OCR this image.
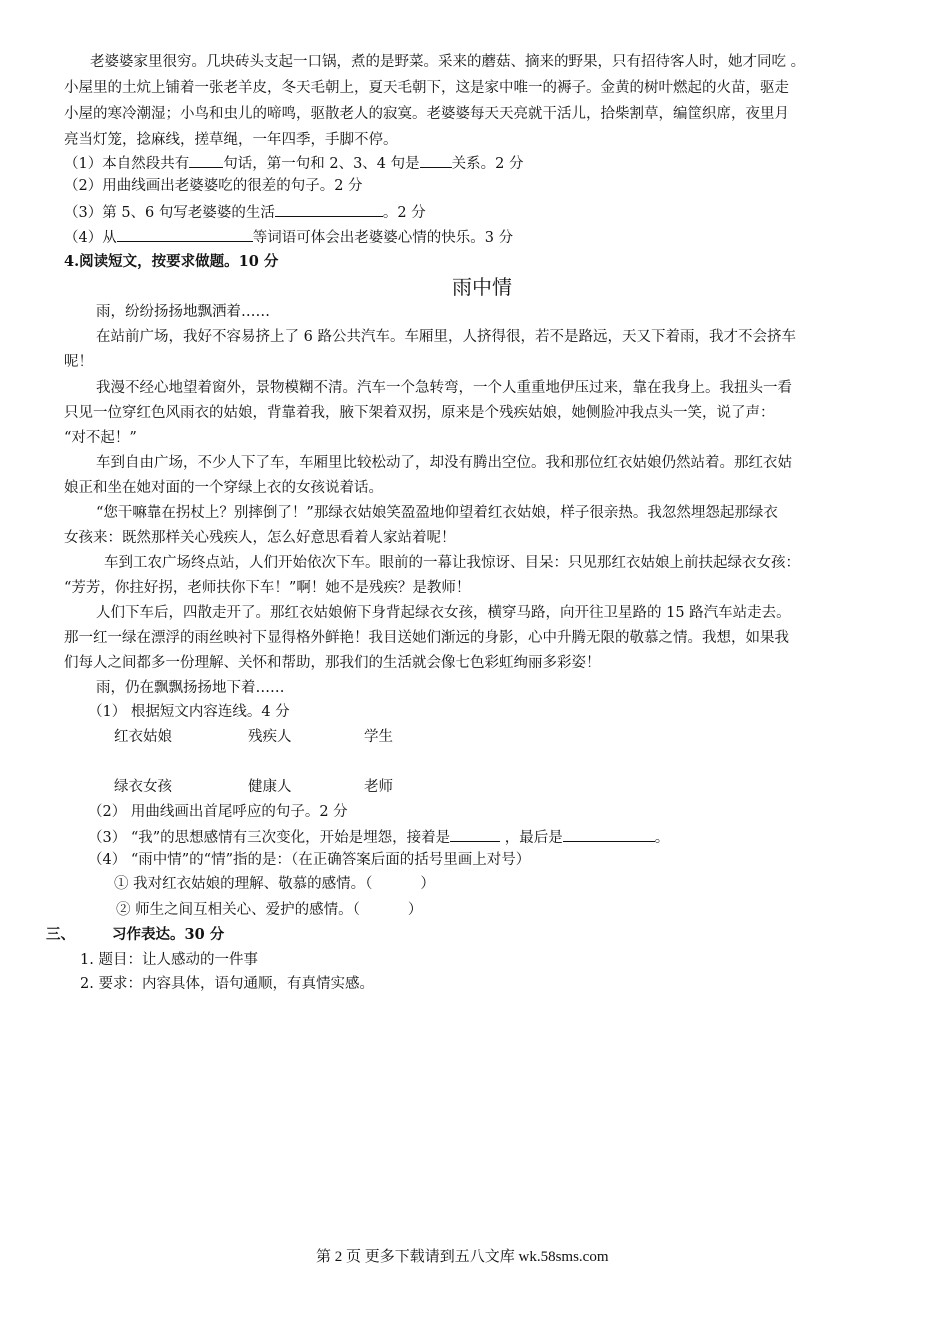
老婆婆家里很穷。几块砖头支起一口锅，煮的是野菜。采来的蘑菇、摘来的野果，只有招待客人时，她才同吃 。
小屋里的土炕上铺着一张老羊皮，冬天毛朝上，夏天毛朝下，这是家中唯一的褥子。金黄的树叶燃起的火苗，驱走
小屋的寒冷潮湿；小鸟和虫儿的啼鸣，驱散老人的寂寞。老婆婆每天天亮就干活儿，拾柴割草，编筐织席，夜里月
亮当灯笼，捻麻线，搓草绳，一年四季，手脚不停。
（1）本自然段共有 句话，第一句和 2、3、4 句是 关系。2 分
（2）用曲线画出老婆婆吃的很差的句子。2 分
（3）第 5、6 句写老婆婆的生活	。2 分
（4）从	等词语可体会出老婆婆心情的快乐。3 分
4.阅读短文，按要求做题。10 分
雨中情
雨，纷纷扬扬地飘洒着……
在站前广场，我好不容易挤上了 6 路公共汽车。车厢里，人挤得很，若不是路远，天又下着雨，我才不会挤车
呢！
我漫不经心地望着窗外，景物模糊不清。汽车一个急转弯，一个人重重地伊压过来，靠在我身上。我扭头一看
只见一位穿红色风雨衣的姑娘，背靠着我，腋下架着双拐，原来是个残疾姑娘，她侧脸冲我点头一笑，说了声：
“对不起！”
车到自由广场，不少人下了车，车厢里比较松动了，却没有腾出空位。我和那位红衣姑娘仍然站着。那红衣姑
娘正和坐在她对面的一个穿绿上衣的女孩说着话。
“您干嘛靠在拐杖上？别摔倒了！”那绿衣姑娘笑盈盈地仰望着红衣姑娘，样子很亲热。我忽然埋怨起那绿衣
女孩来：既然那样关心残疾人，怎么好意思看着人家站着呢！
车到工农广场终点站，人们开始依次下车。眼前的一幕让我惊讶、目呆：只见那红衣姑娘上前扶起绿衣女孩：
“芳芳，你拄好拐，老师扶你下车！”啊！她不是残疾？是教师！
人们下车后，四散走开了。那红衣姑娘俯下身背起绿衣女孩，横穿马路，向开往卫星路的 15 路汽车站走去。
那一红一绿在漂浮的雨丝映衬下显得格外鲜艳！我目送她们渐远的身影，心中升腾无限的敬慕之情。我想，如果我
们每人之间都多一份理解、关怀和帮助，那我们的生活就会像七色彩虹绚丽多彩姿！
雨，仍在飘飘扬扬地下着……
（1） 根据短文内容连线。4 分
红衣姑娘	残疾人	学生
绿衣女孩	健康人	老师
（2） 用曲线画出首尾呼应的句子。2 分
（3） “我”的思想感情有三次变化，开始是埋怨，接着是	，最后是	。
（4） “雨中情”的“情”指的是：（在正确答案后面的括号里画上对号）
① 我对红衣姑娘的理解、敬慕的感情。（	）
② 师生之间互相关心、爱护的感情。（	）
三、	习作表达。30 分
1. 题目：让人感动的一件事
2. 要求：内容具体，语句通顺，有真情实感。
第 2 页 更多下载请到五八文库 wk.58sms.com
